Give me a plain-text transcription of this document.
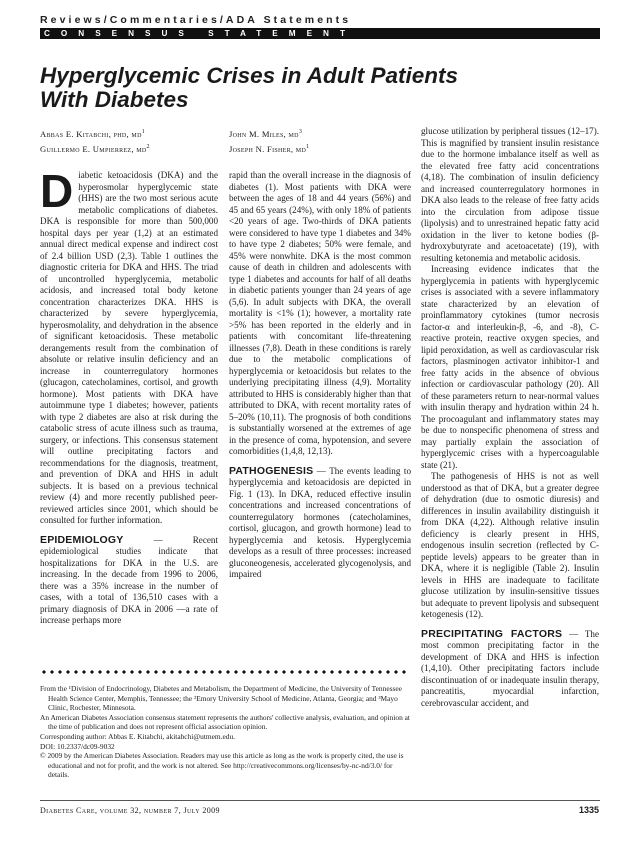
Reviews/Commentaries/ADA Statements
CONSENSUS STATEMENT
Hyperglycemic Crises in Adult Patients With Diabetes
Abbas E. Kitabchi, phd, $md^1$
Guillermo E. Umpierrez, $md^2$
John M. Miles, $md^3$
Joseph N. Fisher, $md^1$

Diabetic ketoacidosis (DKA) and the hyperosmolar hyperglycemic state (HHS) are the two most serious acute metabolic complications of diabetes. DKA is responsible for more than 500,000 hospital days per year (1,2) at an estimated annual direct medical expense and indirect cost of 2.4 billion USD (2,3). Table 1 outlines the diagnostic criteria for DKA and HHS. The triad of uncontrolled hyperglycemia, metabolic acidosis, and increased total body ketone concentration characterizes DKA. HHS is characterized by severe hyperglycemia, hyperosmolality, and dehydration in the absence of significant ketoacidosis. These metabolic derangements result from the combination of absolute or relative insulin deficiency and an increase in counterregulatory hormones (glucagon, catecholamines, cortisol, and growth hormone). Most patients with DKA have autoimmune type 1 diabetes; however, patients with type 2 diabetes are also at risk during the catabolic stress of acute illness such as trauma, surgery, or infections. This consensus statement will outline precipitating factors and recommendations for the diagnosis, treatment, and prevention of DKA and HHS in adult subjects. It is based on a previous technical review (4) and more recently published peer-reviewed articles since 2001, which should be consulted for further information.

EPIDEMIOLOGY	— Recent epidemiological studies indicate that hospitalizations for DKA in the U.S. are increasing. In the decade from 1996 to 2006, there was a 35% increase in the number of cases, with a total of 136,510 cases with a primary diagnosis of DKA in 2006 —a rate of increase perhaps more

rapid than the overall increase in the diagnosis of diabetes (1). Most patients with DKA were between the ages of 18 and 44 years (56%) and 45 and 65 years (24%), with only 18% of patients <20 years of age. Two-thirds of DKA patients were considered to have type 1 diabetes and 34% to have type 2 diabetes; 50% were female, and 45% were nonwhite. DKA is the most common cause of death in children and adolescents with type 1 diabetes and accounts for half of all deaths in diabetic patients younger than 24 years of age (5,6). In adult subjects with DKA, the overall mortality is <1% (1); however, a mortality rate >5% has been reported in the elderly and in patients with concomitant life-threatening illnesses (7,8). Death in these conditions is rarely due to the metabolic complications of hyperglycemia or ketoacidosis but relates to the underlying precipitating illness (4,9). Mortality attributed to HHS is considerably higher than that attributed to DKA, with recent mortality rates of 5–20% (10,11). The prognosis of both conditions is substantially worsened at the extremes of age in the presence of coma, hypotension, and severe comorbidities (1,4,8, 12,13).

PATHOGENESIS — The events leading to hyperglycemia and ketoacidosis are depicted in Fig. 1 (13). In DKA, reduced effective insulin concentrations and increased concentrations of counterregulatory hormones (catecholamines, cortisol, glucagon, and growth hormone) lead to hyperglycemia and ketosis. Hyperglycemia develops as a result of three processes: increased gluconeogenesis, accelerated glycogenolysis, and impaired

glucose utilization by peripheral tissues (12–17). This is magnified by transient insulin resistance due to the hormone imbalance itself as well as the elevated free fatty acid concentrations (4,18). The combination of insulin deficiency and increased counterregulatory hormones in DKA also leads to the release of free fatty acids into the circulation from adipose tissue (lipolysis) and to unrestrained hepatic fatty acid oxidation in the liver to ketone bodies (β-hydroxybutyrate and acetoacetate) (19), with resulting ketonemia and metabolic acidosis.

Increasing evidence indicates that the hyperglycemia in patients with hyperglycemic crises is associated with a severe inflammatory state characterized by an elevation of proinflammatory cytokines (tumor necrosis factor-α and interleukin-β, -6, and -8), C-reactive protein, reactive oxygen species, and lipid peroxidation, as well as cardiovascular risk factors, plasminogen activator inhibitor-1 and free fatty acids in the absence of obvious infection or cardiovascular pathology (20). All of these parameters return to near-normal values with insulin therapy and hydration within 24 h. The procoagulant and inflammatory states may be due to nonspecific phenomena of stress and may partially explain the association of hyperglycemic crises with a hypercoagulable state (21).

The pathogenesis of HHS is not as well understood as that of DKA, but a greater degree of dehydration (due to osmotic diuresis) and differences in insulin availability distinguish it from DKA (4,22). Although relative insulin deficiency is clearly present in HHS, endogenous insulin secretion (reflected by C-peptide levels) appears to be greater than in DKA, where it is negligible (Table 2). Insulin levels in HHS are inadequate to facilitate glucose utilization by insulin-sensitive tissues but adequate to prevent lipolysis and subsequent ketogenesis (12).

PRECIPITATING FACTORS — The most common precipitating factor in the development of DKA and HHS is infection (1,4,10). Other precipitating factors include discontinuation of or inadequate insulin therapy, pancreatitis, myocardial infarction, cerebrovascular accident, and

From the ¹Division of Endocrinology, Diabetes and Metabolism, the Department of Medicine, the University of Tennessee Health Science Center, Memphis, Tennessee; the ²Emory University School of Medicine, Atlanta, Georgia; and ³Mayo Clinic, Rochester, Minnesota.

An American Diabetes Association consensus statement represents the authors' collective analysis, evaluation, and opinion at the time of publication and does not represent official association opinion.

Corresponding author: Abbas E. Kitabchi, akitabchi@utmem.edu.

DOI: 10.2337/dc09-9032

© 2009 by the American Diabetes Association. Readers may use this article as long as the work is properly cited, the use is educational and not for profit, and the work is not altered. See http://creativecommons.org/licenses/by-nc-nd/3.0/ for details.

Diabetes Care, volume 32, number 7, July 2009	1335
